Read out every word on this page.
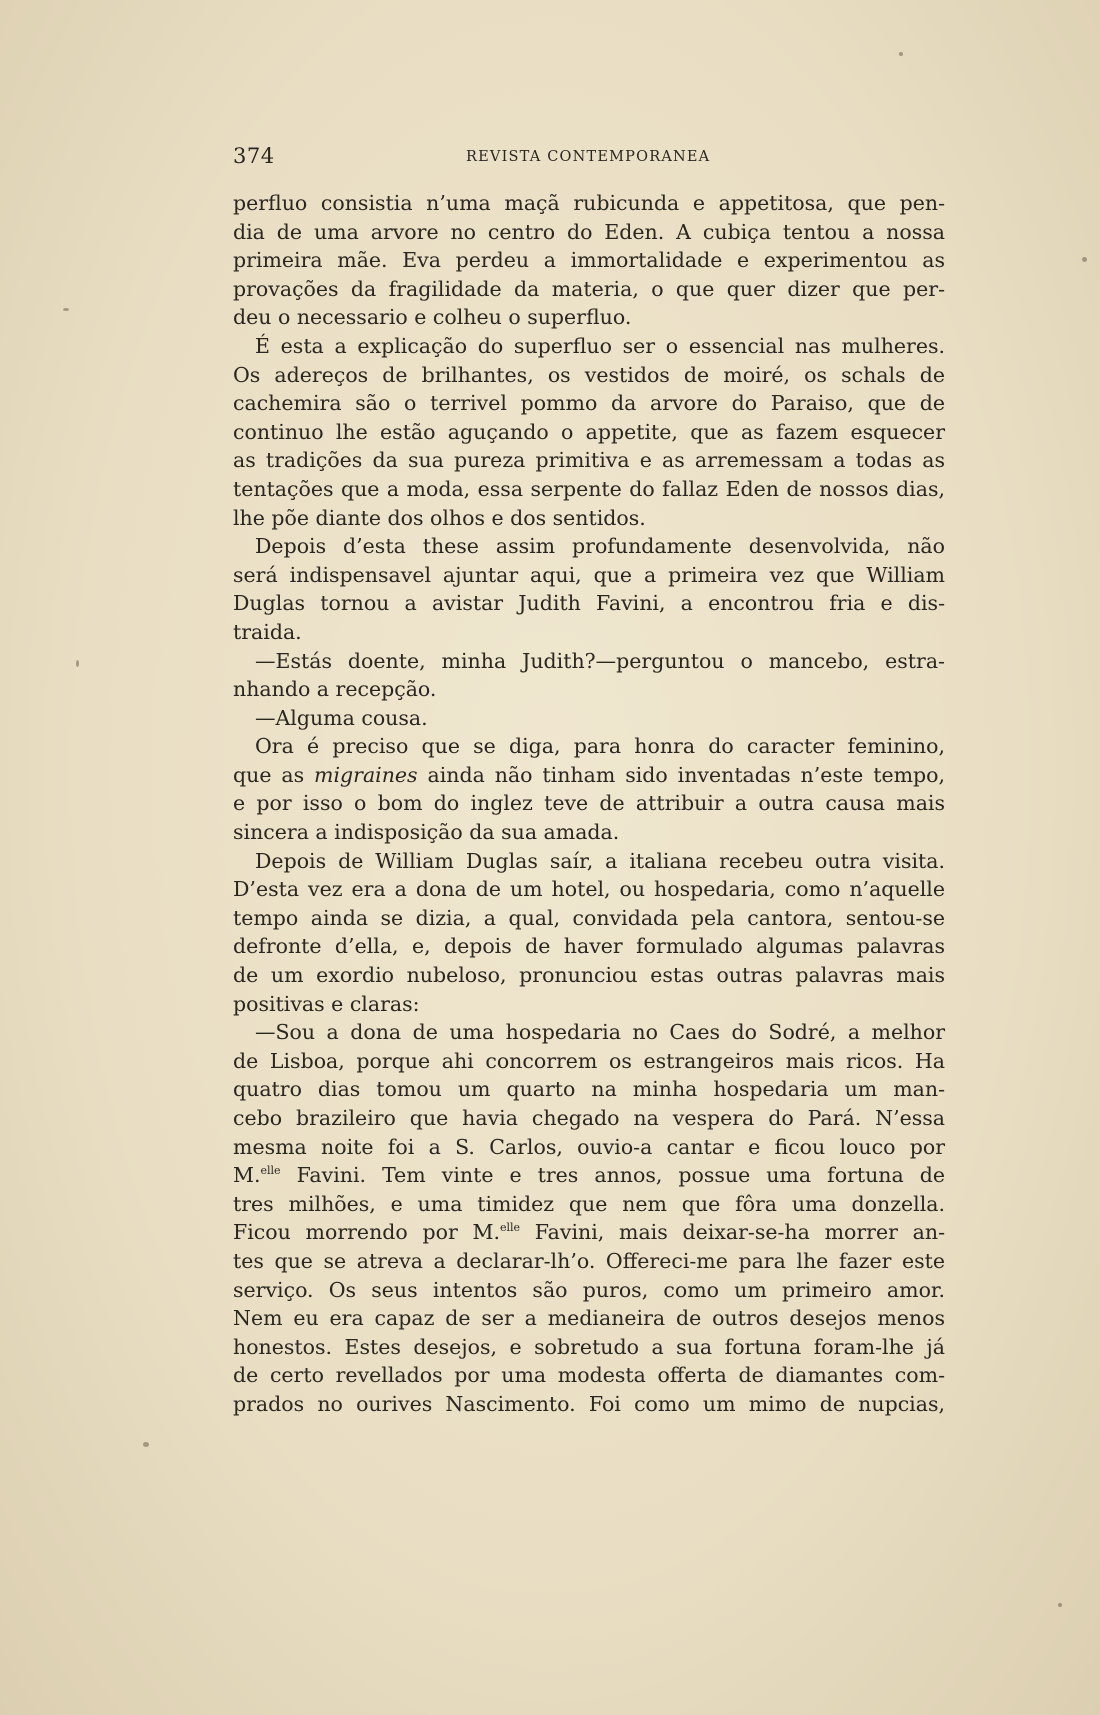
374	REVISTA CONTEMPORANEA
perfluo consistia n’uma maçã rubicunda e appetitosa, que pen-
dia de uma arvore no centro do Eden. A cubiça tentou a nossa
primeira mãe. Eva perdeu a immortalidade e experimentou as
provações da fragilidade da materia, o que quer dizer que per-
deu o necessario e colheu o superfluo.
É esta a explicação do superfluo ser o essencial nas mulheres.
Os adereços de brilhantes, os vestidos de moiré, os schals de
cachemira são o terrivel pommo da arvore do Paraiso, que de
continuo lhe estão aguçando o appetite, que as fazem esquecer
as tradições da sua pureza primitiva e as arremessam a todas as
tentações que a moda, essa serpente do fallaz Eden de nossos dias,
lhe põe diante dos olhos e dos sentidos.
Depois d’esta these assim profundamente desenvolvida, não
será indispensavel ajuntar aqui, que a primeira vez que William
Duglas tornou a avistar Judith Favini, a encontrou fria e dis-
traida.
—Estás doente, minha Judith?—perguntou o mancebo, estra-
nhando a recepção.
—Alguma cousa.
Ora é preciso que se diga, para honra do caracter feminino,
que as migraines ainda não tinham sido inventadas n’este tempo,
e por isso o bom do inglez teve de attribuir a outra causa mais
sincera a indisposição da sua amada.
Depois de William Duglas saír, a italiana recebeu outra visita.
D’esta vez era a dona de um hotel, ou hospedaria, como n’aquelle
tempo ainda se dizia, a qual, convidada pela cantora, sentou-se
defronte d’ella, e, depois de haver formulado algumas palavras
de um exordio nubeloso, pronunciou estas outras palavras mais
positivas e claras:
—Sou a dona de uma hospedaria no Caes do Sodré, a melhor
de Lisboa, porque ahi concorrem os estrangeiros mais ricos. Ha
quatro dias tomou um quarto na minha hospedaria um man-
cebo brazileiro que havia chegado na vespera do Pará. N’essa
mesma noite foi a S. Carlos, ouvio-a cantar e ficou louco por
M.$^{elle}$ Favini. Tem vinte e tres annos, possue uma fortuna de
tres milhões, e uma timidez que nem que fôra uma donzella.
Ficou morrendo por M.$^{elle}$ Favini, mais deixar-se-ha morrer an-
tes que se atreva a declarar-lh’o. Offereci-me para lhe fazer este
serviço. Os seus intentos são puros, como um primeiro amor.
Nem eu era capaz de ser a medianeira de outros desejos menos
honestos. Estes desejos, e sobretudo a sua fortuna foram-lhe já
de certo revellados por uma modesta offerta de diamantes com-
prados no ourives Nascimento. Foi como um mimo de nupcias,
